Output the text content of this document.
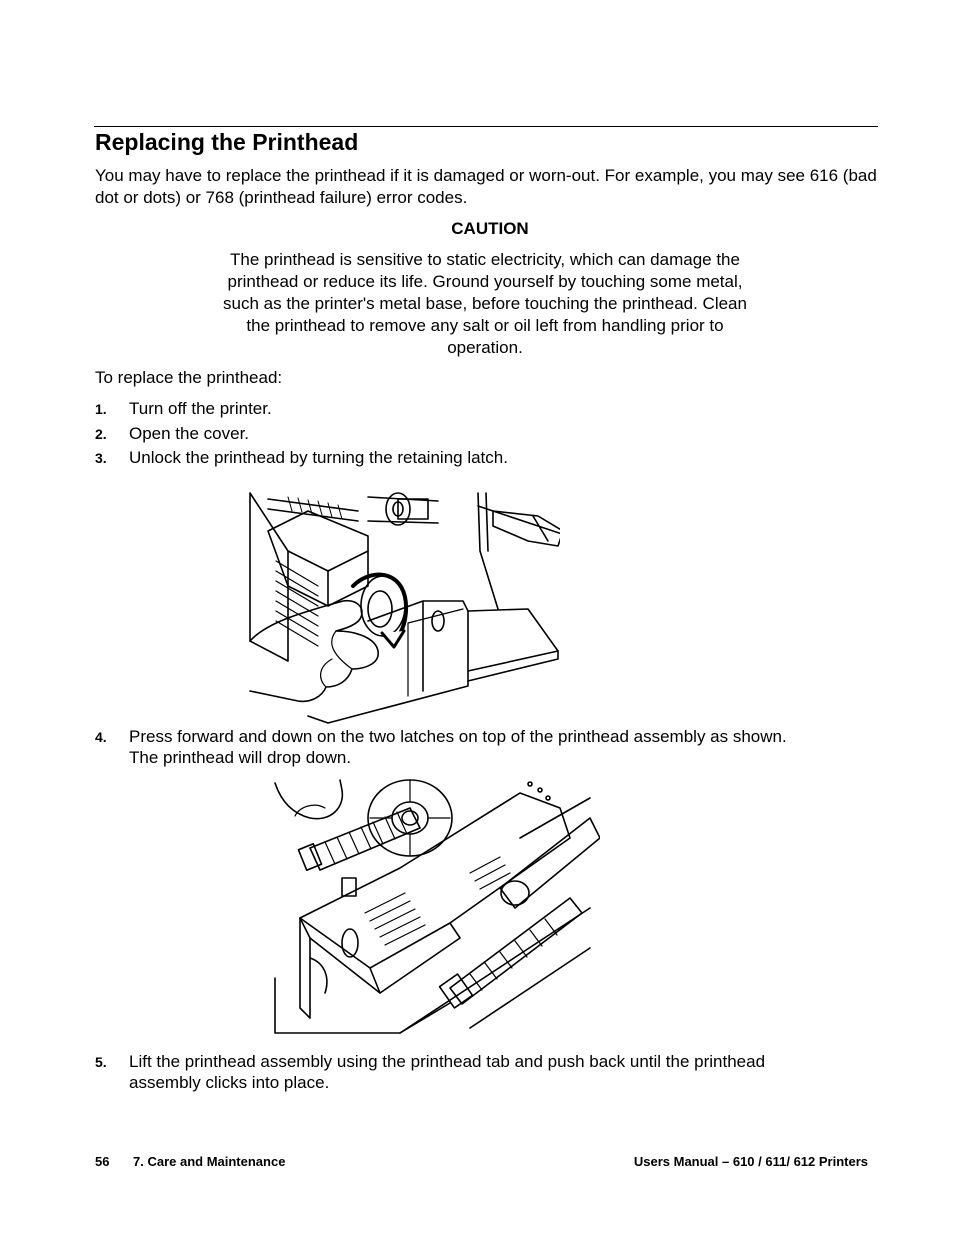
Replacing the Printhead

You may have to replace the printhead if it is damaged or worn-out. For example, you may see 616 (bad dot or dots) or 768 (printhead failure) error codes.

CAUTION

The printhead is sensitive to static electricity, which can damage the
printhead or reduce its life. Ground yourself by touching some metal,
such as the printer's metal base, before touching the printhead. Clean
the printhead to remove any salt or oil left from handling prior to
operation.

To replace the printhead:

1. Turn off the printer.
2. Open the cover.
3. Unlock the printhead by turning the retaining latch.
4. Press forward and down on the two latches on top of the printhead assembly as shown.
The printhead will drop down.
5. Lift the printhead assembly using the printhead tab and push back until the printhead
assembly clicks into place.
56 7. Care and Maintenance	Users Manual – 610 / 611/ 612 Printers
